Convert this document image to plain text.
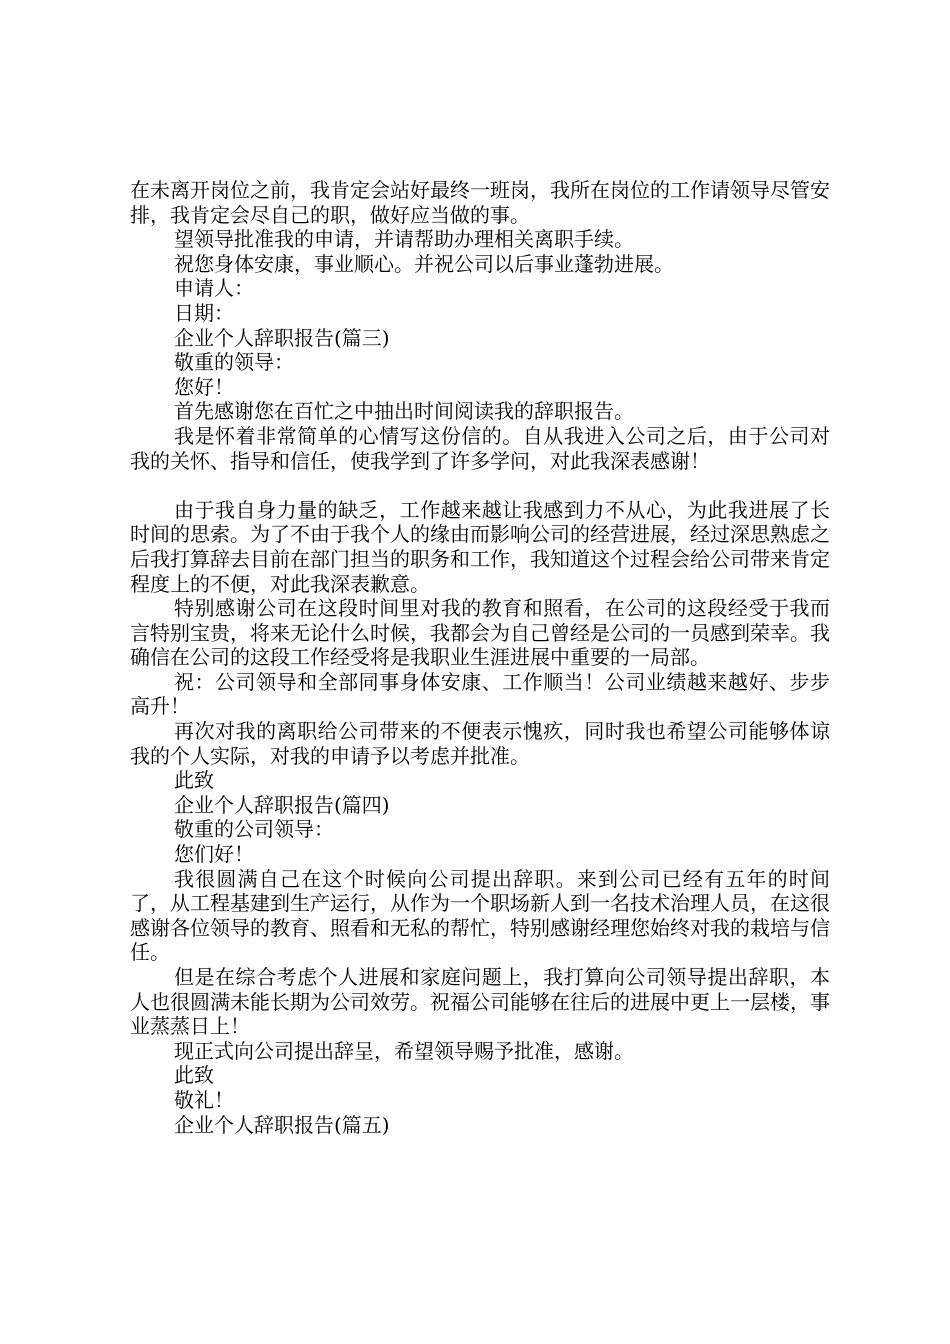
在未离开岗位之前，我肯定会站好最终一班岗，我所在岗位的工作请领导尽管安排，我肯定会尽自己的职，做好应当做的事。

望领导批准我的申请，并请帮助办理相关离职手续。

祝您身体安康，事业顺心。并祝公司以后事业蓬勃进展。

申请人：

日期：

企业个人辞职报告(篇三)

敬重的领导：

您好！

首先感谢您在百忙之中抽出时间阅读我的辞职报告。

我是怀着非常简单的心情写这份信的。自从我进入公司之后，由于公司对我的关怀、指导和信任，使我学到了许多学问，对此我深表感谢！

由于我自身力量的缺乏，工作越来越让我感到力不从心，为此我进展了长时间的思索。为了不由于我个人的缘由而影响公司的经营进展，经过深思熟虑之后我打算辞去目前在部门担当的职务和工作，我知道这个过程会给公司带来肯定程度上的不便，对此我深表歉意。

特别感谢公司在这段时间里对我的教育和照看，在公司的这段经受于我而言特别宝贵，将来无论什么时候，我都会为自己曾经是公司的一员感到荣幸。我确信在公司的这段工作经受将是我职业生涯进展中重要的一局部。

祝：公司领导和全部同事身体安康、工作顺当！公司业绩越来越好、步步高升！

再次对我的离职给公司带来的不便表示愧疚，同时我也希望公司能够体谅我的个人实际，对我的申请予以考虑并批准。

此致

企业个人辞职报告(篇四)

敬重的公司领导：

您们好！

我很圆满自己在这个时候向公司提出辞职。来到公司已经有五年的时间了，从工程基建到生产运行，从作为一个职场新人到一名技术治理人员，在这很感谢各位领导的教育、照看和无私的帮忙，特别感谢经理您始终对我的栽培与信任。

但是在综合考虑个人进展和家庭问题上，我打算向公司领导提出辞职，本人也很圆满未能长期为公司效劳。祝福公司能够在往后的进展中更上一层楼，事业蒸蒸日上！

现正式向公司提出辞呈，希望领导赐予批准，感谢。

此致

敬礼！

企业个人辞职报告(篇五)
